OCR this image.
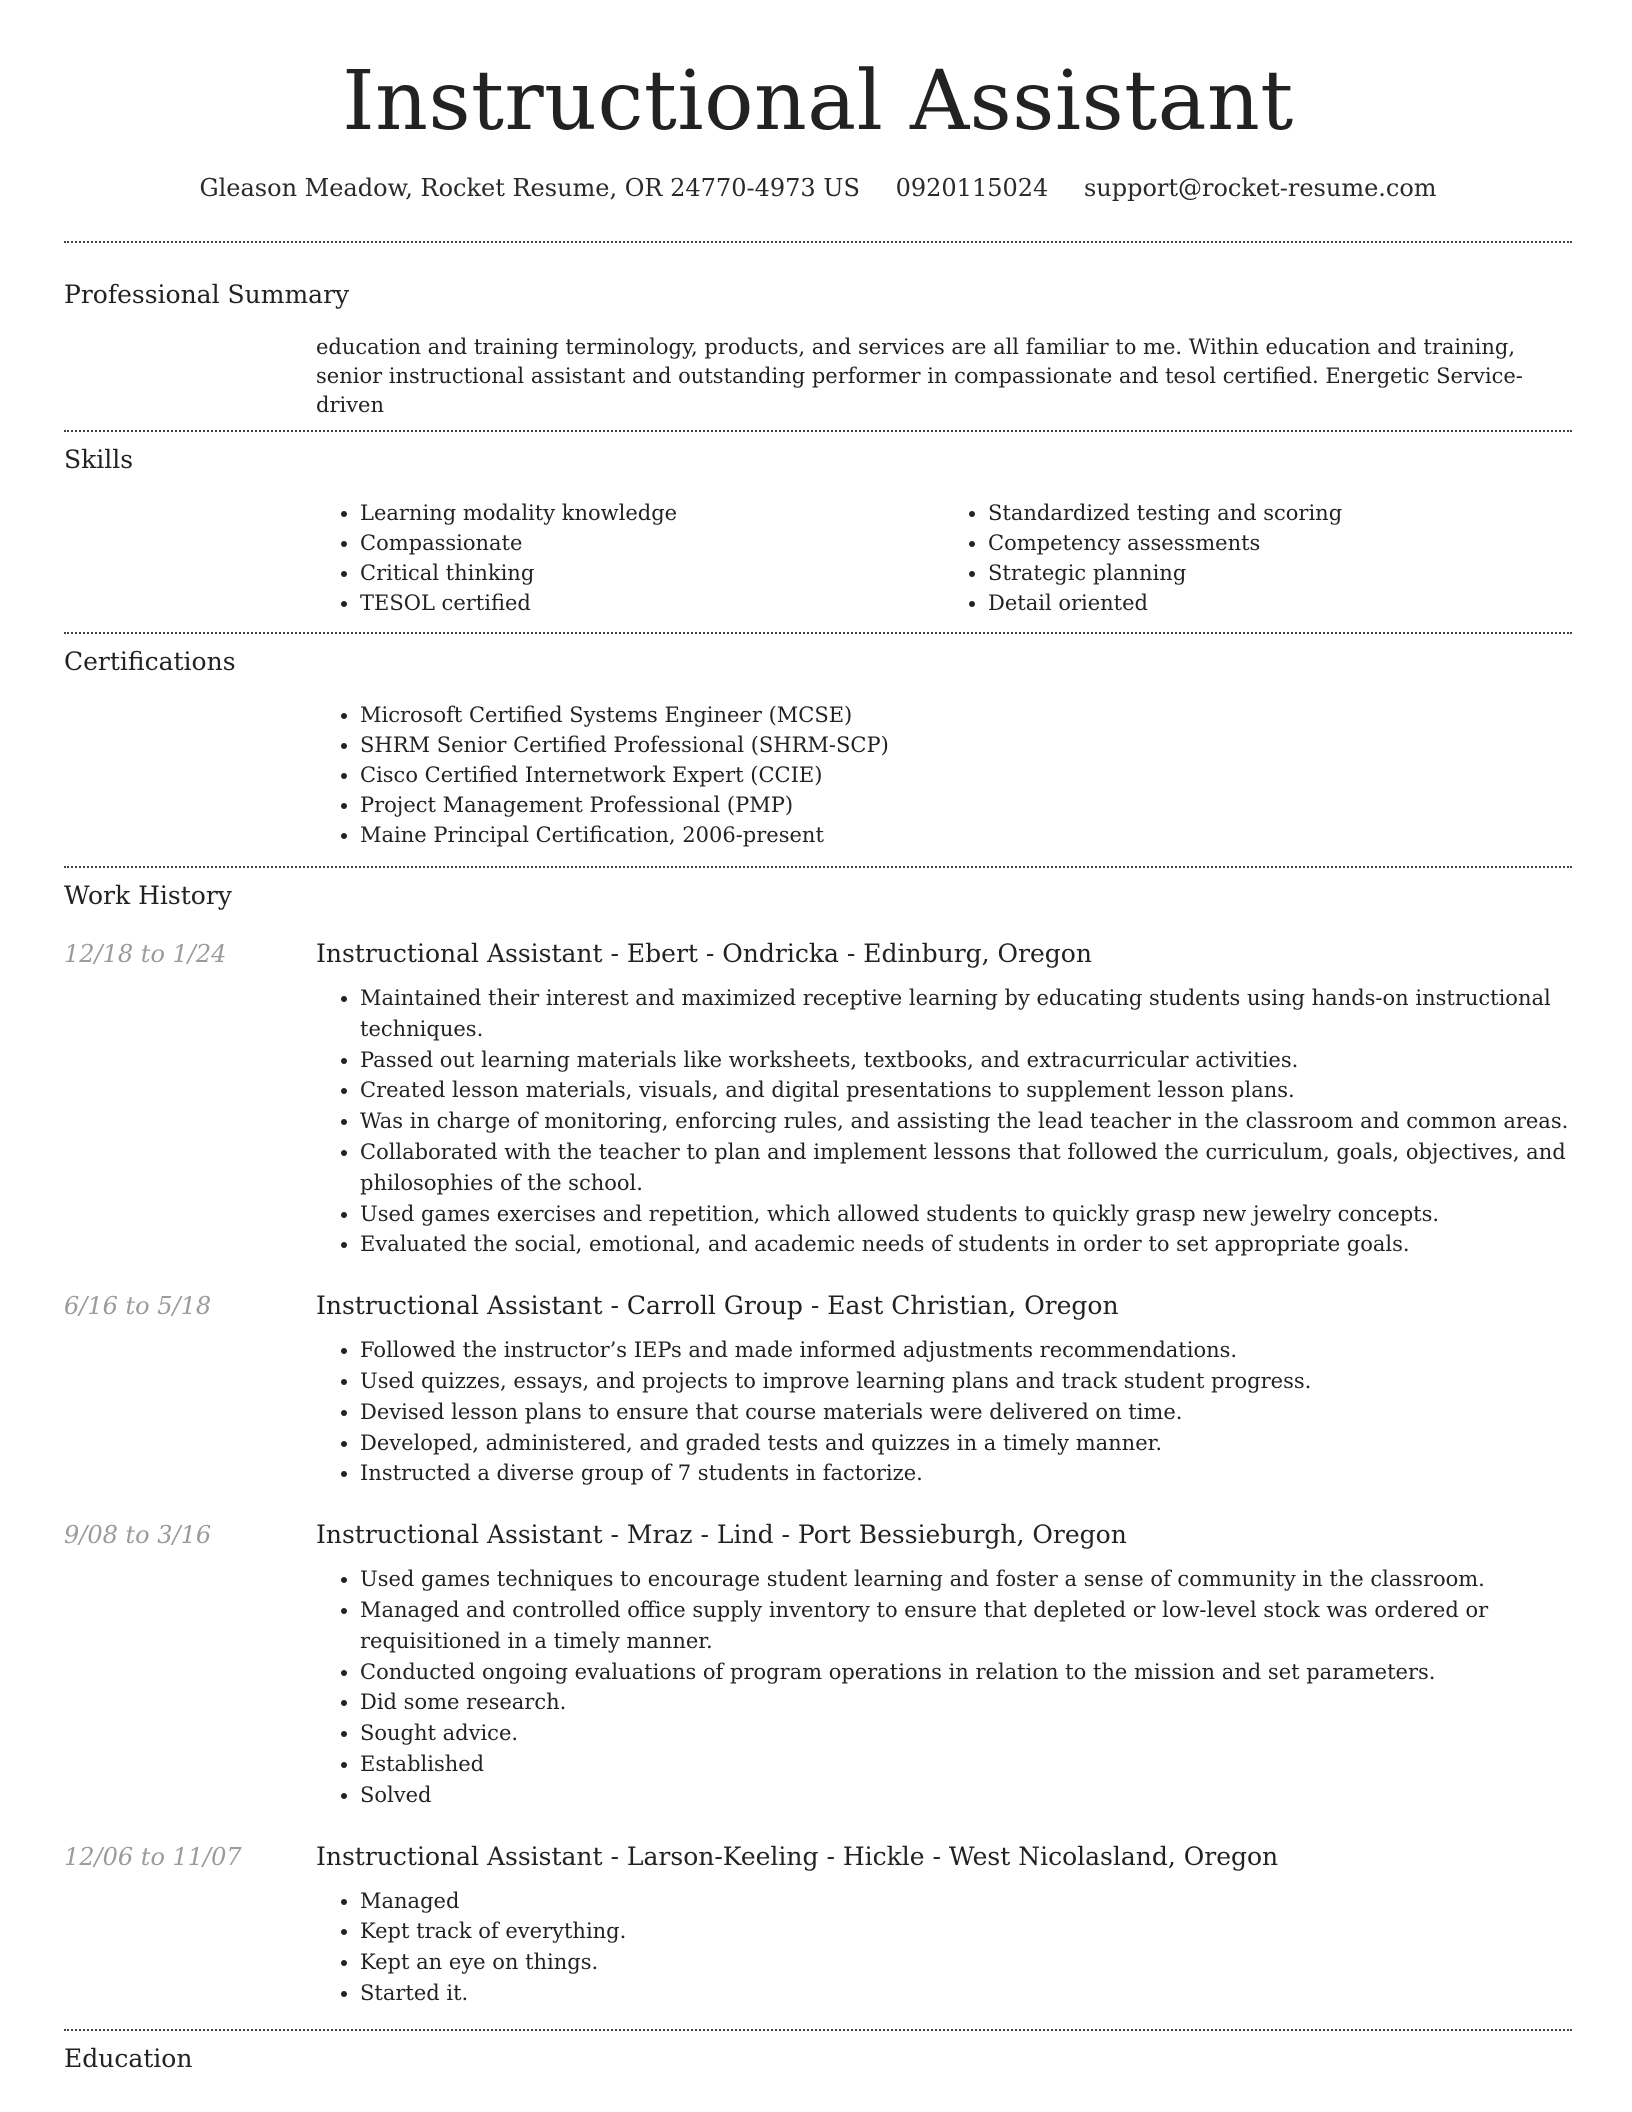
Instructional Assistant
Gleason Meadow, Rocket Resume, OR 24770-4973 US 0920115024 support@rocket-resume.com
Professional Summary
education and training terminology, products, and services are all familiar to me. Within education and training, senior instructional assistant and outstanding performer in compassionate and tesol certified. Energetic Service-driven
Skills
• Learning modality knowledge
• Compassionate
• Critical thinking
• TESOL certified
• Standardized testing and scoring
• Competency assessments
• Strategic planning
• Detail oriented
Certifications
• Microsoft Certified Systems Engineer (MCSE)
• SHRM Senior Certified Professional (SHRM-SCP)
• Cisco Certified Internetwork Expert (CCIE)
• Project Management Professional (PMP)
• Maine Principal Certification, 2006-present
Work History
12/18 to 1/24	Instructional Assistant - Ebert - Ondricka - Edinburg, Oregon
• Maintained their interest and maximized receptive learning by educating students using hands-on instructional techniques.
• Passed out learning materials like worksheets, textbooks, and extracurricular activities.
• Created lesson materials, visuals, and digital presentations to supplement lesson plans.
• Was in charge of monitoring, enforcing rules, and assisting the lead teacher in the classroom and common areas.
• Collaborated with the teacher to plan and implement lessons that followed the curriculum, goals, objectives, and philosophies of the school.
• Used games exercises and repetition, which allowed students to quickly grasp new jewelry concepts.
• Evaluated the social, emotional, and academic needs of students in order to set appropriate goals.
6/16 to 5/18	Instructional Assistant - Carroll Group - East Christian, Oregon
• Followed the instructor’s IEPs and made informed adjustments recommendations.
• Used quizzes, essays, and projects to improve learning plans and track student progress.
• Devised lesson plans to ensure that course materials were delivered on time.
• Developed, administered, and graded tests and quizzes in a timely manner.
• Instructed a diverse group of 7 students in factorize.
9/08 to 3/16	Instructional Assistant - Mraz - Lind - Port Bessieburgh, Oregon
• Used games techniques to encourage student learning and foster a sense of community in the classroom.
• Managed and controlled office supply inventory to ensure that depleted or low-level stock was ordered or requisitioned in a timely manner.
• Conducted ongoing evaluations of program operations in relation to the mission and set parameters.
• Did some research.
• Sought advice.
• Established
• Solved
12/06 to 11/07	Instructional Assistant - Larson-Keeling - Hickle - West Nicolasland, Oregon
• Managed
• Kept track of everything.
• Kept an eye on things.
• Started it.
Education
